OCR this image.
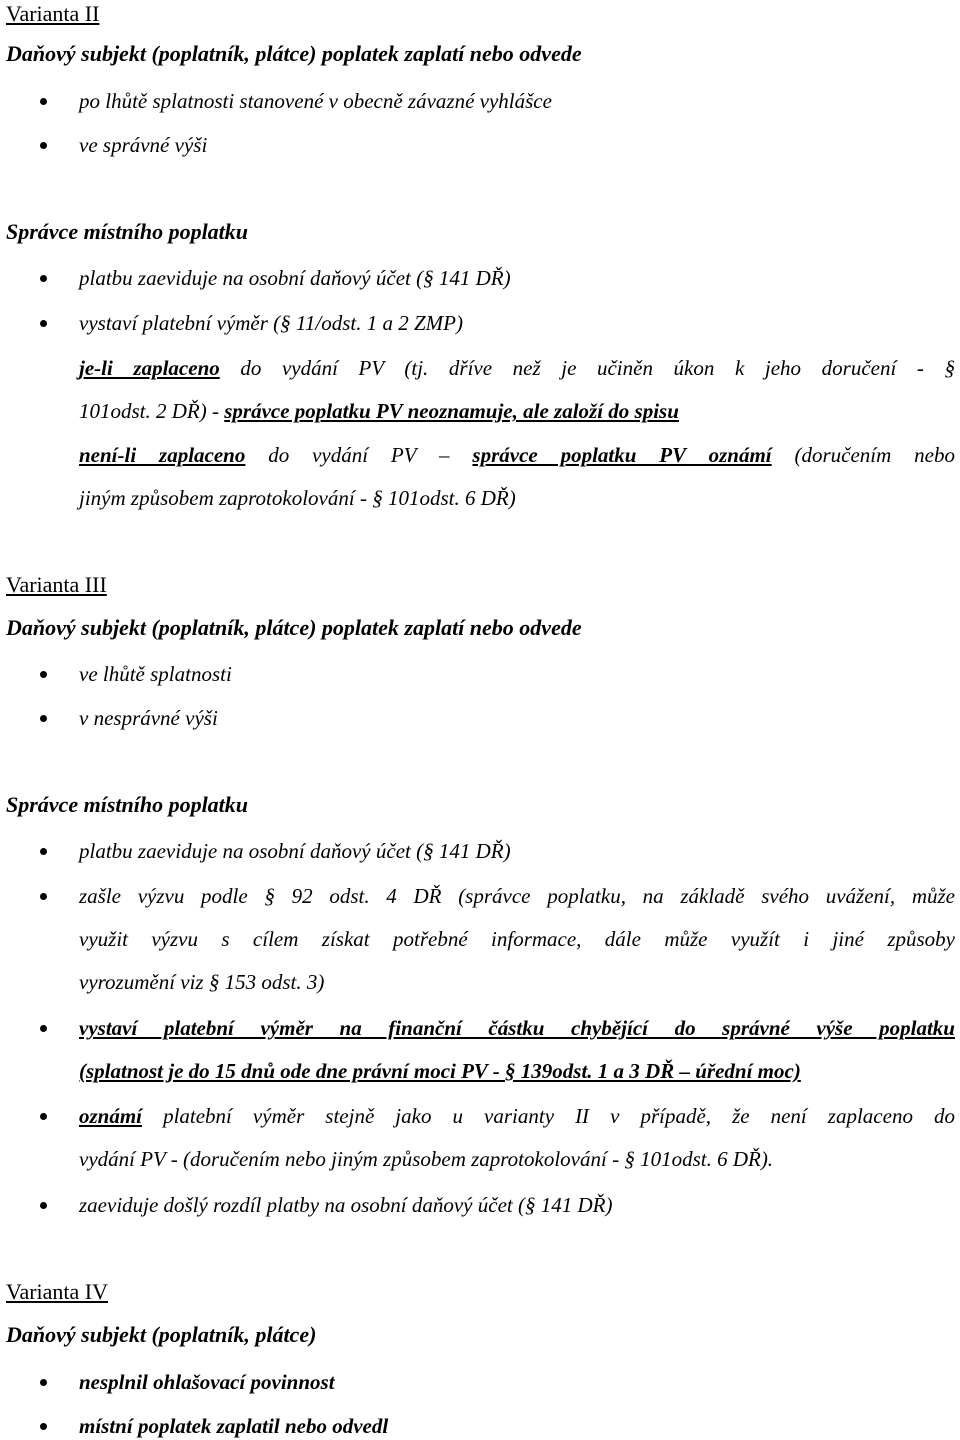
Varianta II
Daňový subjekt (poplatník, plátce) poplatek zaplatí nebo odvede
po lhůtě splatnosti stanovené v obecně závazné vyhlášce
ve správné výši
Správce místního poplatku
platbu zaeviduje na osobní daňový účet (§ 141 DŘ)
vystaví platební výměr (§ 11/odst. 1 a 2 ZMP)
je-li zaplaceno do vydání PV (tj. dříve než je učiněn úkon k jeho doručení - §
101odst. 2 DŘ) - správce poplatku PV neoznamuje, ale založí do spisu
není-li zaplaceno do vydání PV – správce poplatku PV oznámí (doručením nebo
jiným způsobem zaprotokolování - § 101odst. 6 DŘ)
Varianta III
Daňový subjekt (poplatník, plátce) poplatek zaplatí nebo odvede
ve lhůtě splatnosti
v nesprávné výši
Správce místního poplatku
platbu zaeviduje na osobní daňový účet (§ 141 DŘ)
zašle výzvu podle § 92 odst. 4 DŘ (správce poplatku, na základě svého uvážení, může
využit výzvu s cílem získat potřebné informace, dále může využít i jiné způsoby
vyrozumění viz § 153 odst. 3)
vystaví platební výměr na finanční částku chybějící do správné výše poplatku
(splatnost je do 15 dnů ode dne právní moci PV - § 139odst. 1 a 3 DŘ – úřední moc)
oznámí platební výměr stejně jako u variantу II v případě, že není zaplaceno do
vydání PV - (doručením nebo jiným způsobem zaprotokolování - § 101odst. 6 DŘ).
zaeviduje došlý rozdíl platby na osobní daňový účet (§ 141 DŘ)
Varianta IV
Daňový subjekt (poplatník, plátce)
nesplnil ohlašovací povinnost
místní poplatek zaplatil nebo odvedl
